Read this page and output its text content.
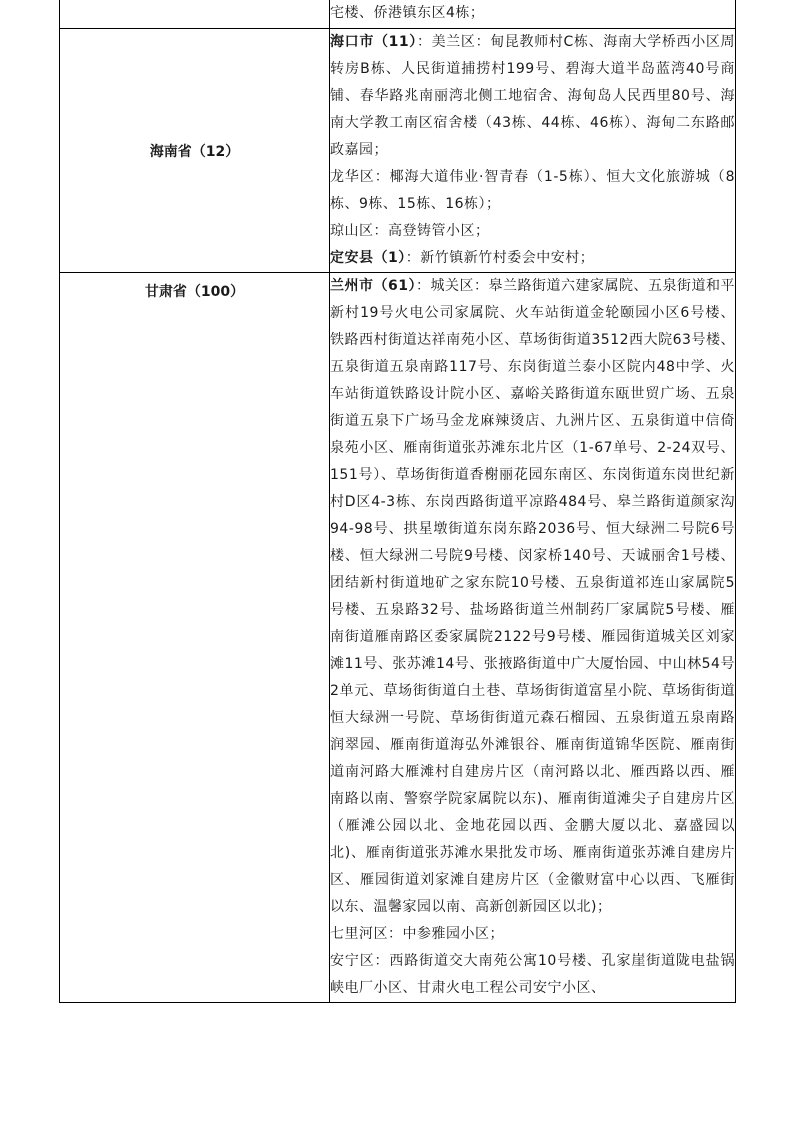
	宅楼、侨港镇东区4栋；

海南省（12）	海口市（11）：美兰区：甸昆教师村C栋、海南大学桥西小区周转房B栋、人民街道捕捞村199号、碧海大道半岛蓝湾40号商铺、春华路兆南丽湾北侧工地宿舍、海甸岛人民西里80号、海南大学教工南区宿舍楼（43栋、44栋、46栋）、海甸二东路邮政嘉园；

龙华区：椰海大道伟业·智青春（1-5栋）、恒大文化旅游城（8栋、9栋、15栋、16栋）；

琼山区：高登铸管小区；

定安县（1）：新竹镇新竹村委会中安村；

甘肃省（100）	兰州市（61）：城关区：皋兰路街道六建家属院、五泉街道和平新村19号火电公司家属院、火车站街道金轮颐园小区6号楼、铁路西村街道达祥南苑小区、草场街街道3512西大院63号楼、五泉街道五泉南路117号、东岗街道兰泰小区院内48中学、火车站街道铁路设计院小区、嘉峪关路街道东瓯世贸广场、五泉街道五泉下广场马金龙麻辣烫店、九洲片区、五泉街道中信倚泉苑小区、雁南街道张苏滩东北片区（1-67单号、2-24双号、151号）、草场街街道香榭丽花园东南区、东岗街道东岗世纪新村D区4-3栋、东岗西路街道平凉路484号、皋兰路街道颜家沟94-98号、拱星墩街道东岗东路2036号、恒大绿洲二号院6号楼、恒大绿洲二号院9号楼、闵家桥140号、天诚丽舍1号楼、团结新村街道地矿之家东院10号楼、五泉街道祁连山家属院5号楼、五泉路32号、盐场路街道兰州制药厂家属院5号楼、雁南街道雁南路区委家属院2122号9号楼、雁园街道城关区刘家滩11号、张苏滩14号、张掖路街道中广大厦怡园、中山林54号2单元、草场街街道白土巷、草场街街道富星小院、草场街街道恒大绿洲一号院、草场街街道元森石榴园、五泉街道五泉南路润翠园、雁南街道海弘外滩银谷、雁南街道锦华医院、雁南街道南河路大雁滩村自建房片区（南河路以北、雁西路以西、雁南路以南、警察学院家属院以东)、雁南街道滩尖子自建房片区（雁滩公园以北、金地花园以西、金鹏大厦以北、嘉盛园以北)、雁南街道张苏滩水果批发市场、雁南街道张苏滩自建房片区、雁园街道刘家滩自建房片区（金徽财富中心以西、飞雁街以东、温馨家园以南、高新创新园区以北)；

七里河区：中参雅园小区；

安宁区：西路街道交大南苑公寓10号楼、孔家崖街道陇电盐锅峡电厂小区、甘肃火电工程公司安宁小区、
